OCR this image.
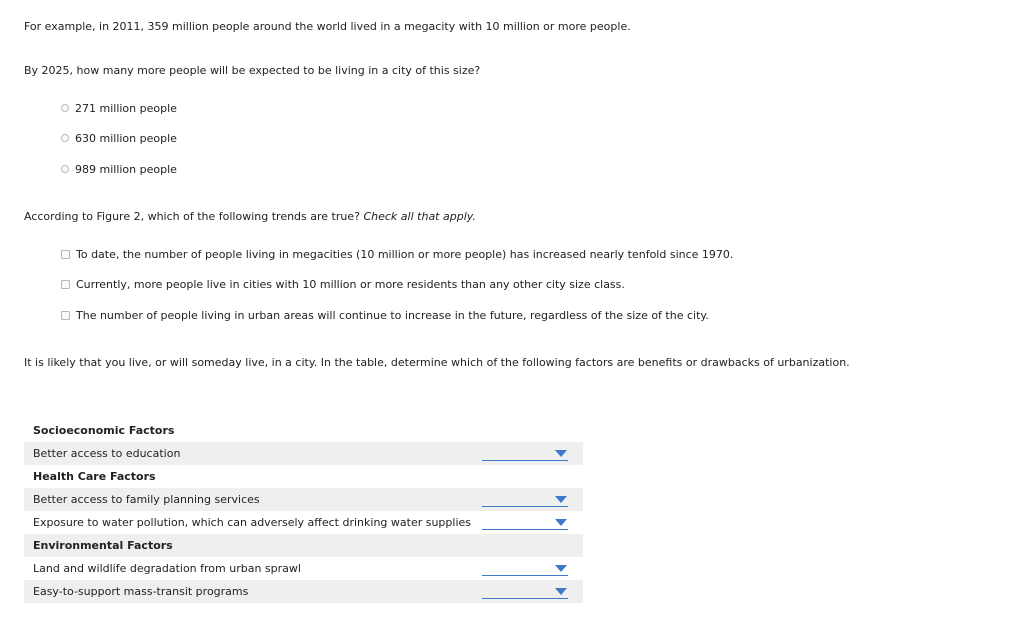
For example, in 2011, 359 million people around the world lived in a megacity with 10 million or more people.
By 2025, how many more people will be expected to be living in a city of this size?
271 million people
630 million people
989 million people
According to Figure 2, which of the following trends are true? Check all that apply.
To date, the number of people living in megacities (10 million or more people) has increased nearly tenfold since 1970.
Currently, more people live in cities with 10 million or more residents than any other city size class.
The number of people living in urban areas will continue to increase in the future, regardless of the size of the city.
It is likely that you live, or will someday live, in a city. In the table, determine which of the following factors are benefits or drawbacks of urbanization.
Socioeconomic Factors
Better access to education
Health Care Factors
Better access to family planning services
Exposure to water pollution, which can adversely affect drinking water supplies
Environmental Factors
Land and wildlife degradation from urban sprawl
Easy-to-support mass-transit programs
